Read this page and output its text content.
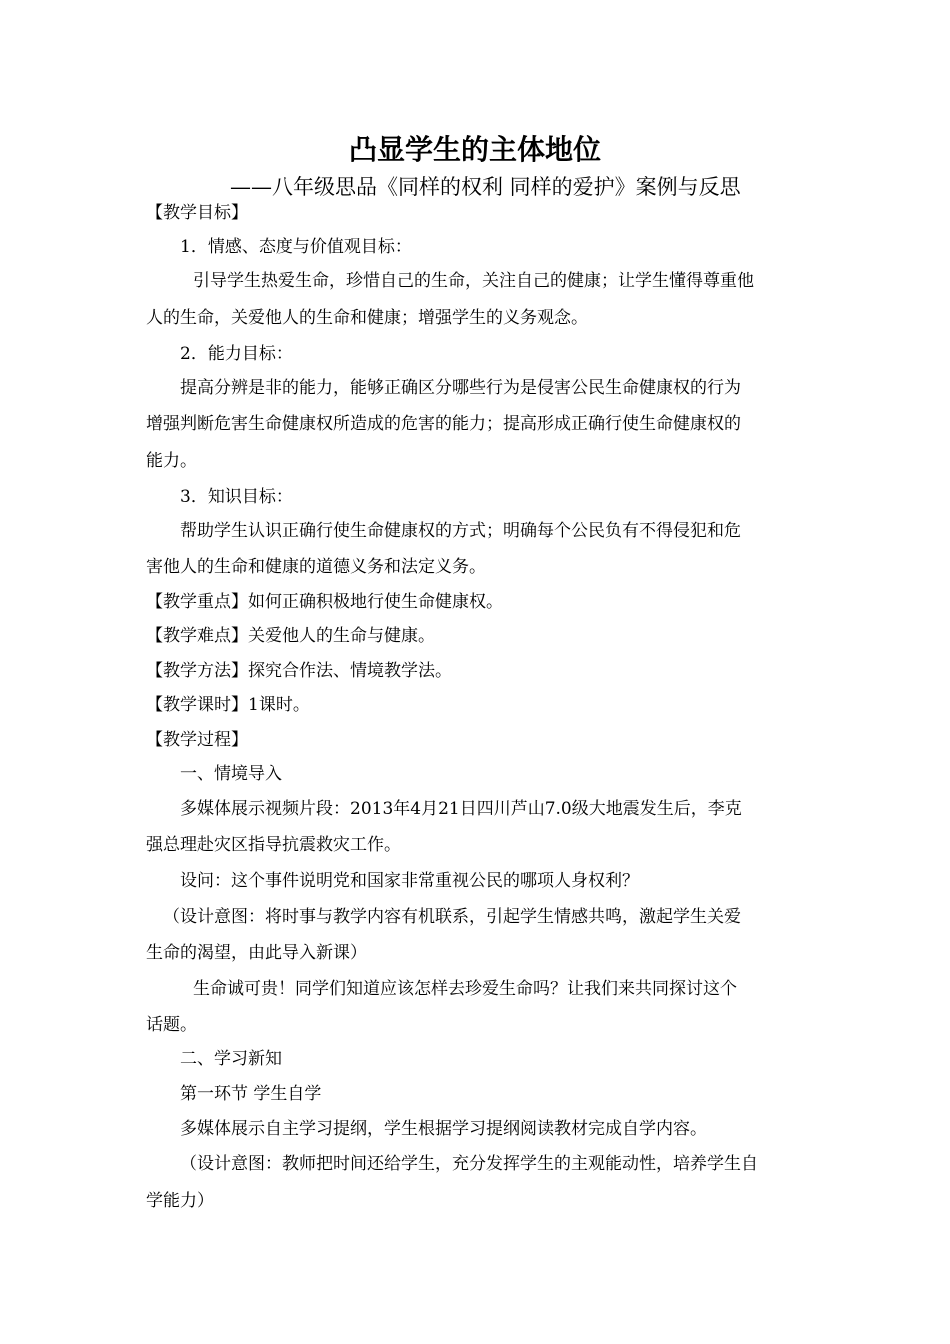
凸显学生的主体地位
——八年级思品《同样的权利 同样的爱护》案例与反思
【教学目标】
1．情感、态度与价值观目标：
引导学生热爱生命，珍惜自己的生命，关注自己的健康；让学生懂得尊重他
人的生命，关爱他人的生命和健康；增强学生的义务观念。
2．能力目标：
提高分辨是非的能力，能够正确区分哪些行为是侵害公民生命健康权的行为
增强判断危害生命健康权所造成的危害的能力；提高形成正确行使生命健康权的
能力。
3．知识目标：
帮助学生认识正确行使生命健康权的方式；明确每个公民负有不得侵犯和危
害他人的生命和健康的道德义务和法定义务。
【教学重点】如何正确积极地行使生命健康权。
【教学难点】关爱他人的生命与健康。
【教学方法】探究合作法、情境教学法。
【教学课时】1课时。
【教学过程】
一、情境导入
多媒体展示视频片段：2013年4月21日四川芦山7.0级大地震发生后，李克
强总理赴灾区指导抗震救灾工作。
设问：这个事件说明党和国家非常重视公民的哪项人身权利？
（设计意图：将时事与教学内容有机联系，引起学生情感共鸣，激起学生关爱
生命的渴望，由此导入新课）
生命诚可贵！同学们知道应该怎样去珍爱生命吗？让我们来共同探讨这个
话题。
二、学习新知
第一环节 学生自学
多媒体展示自主学习提纲，学生根据学习提纲阅读教材完成自学内容。
（设计意图：教师把时间还给学生，充分发挥学生的主观能动性，培养学生自
学能力）
